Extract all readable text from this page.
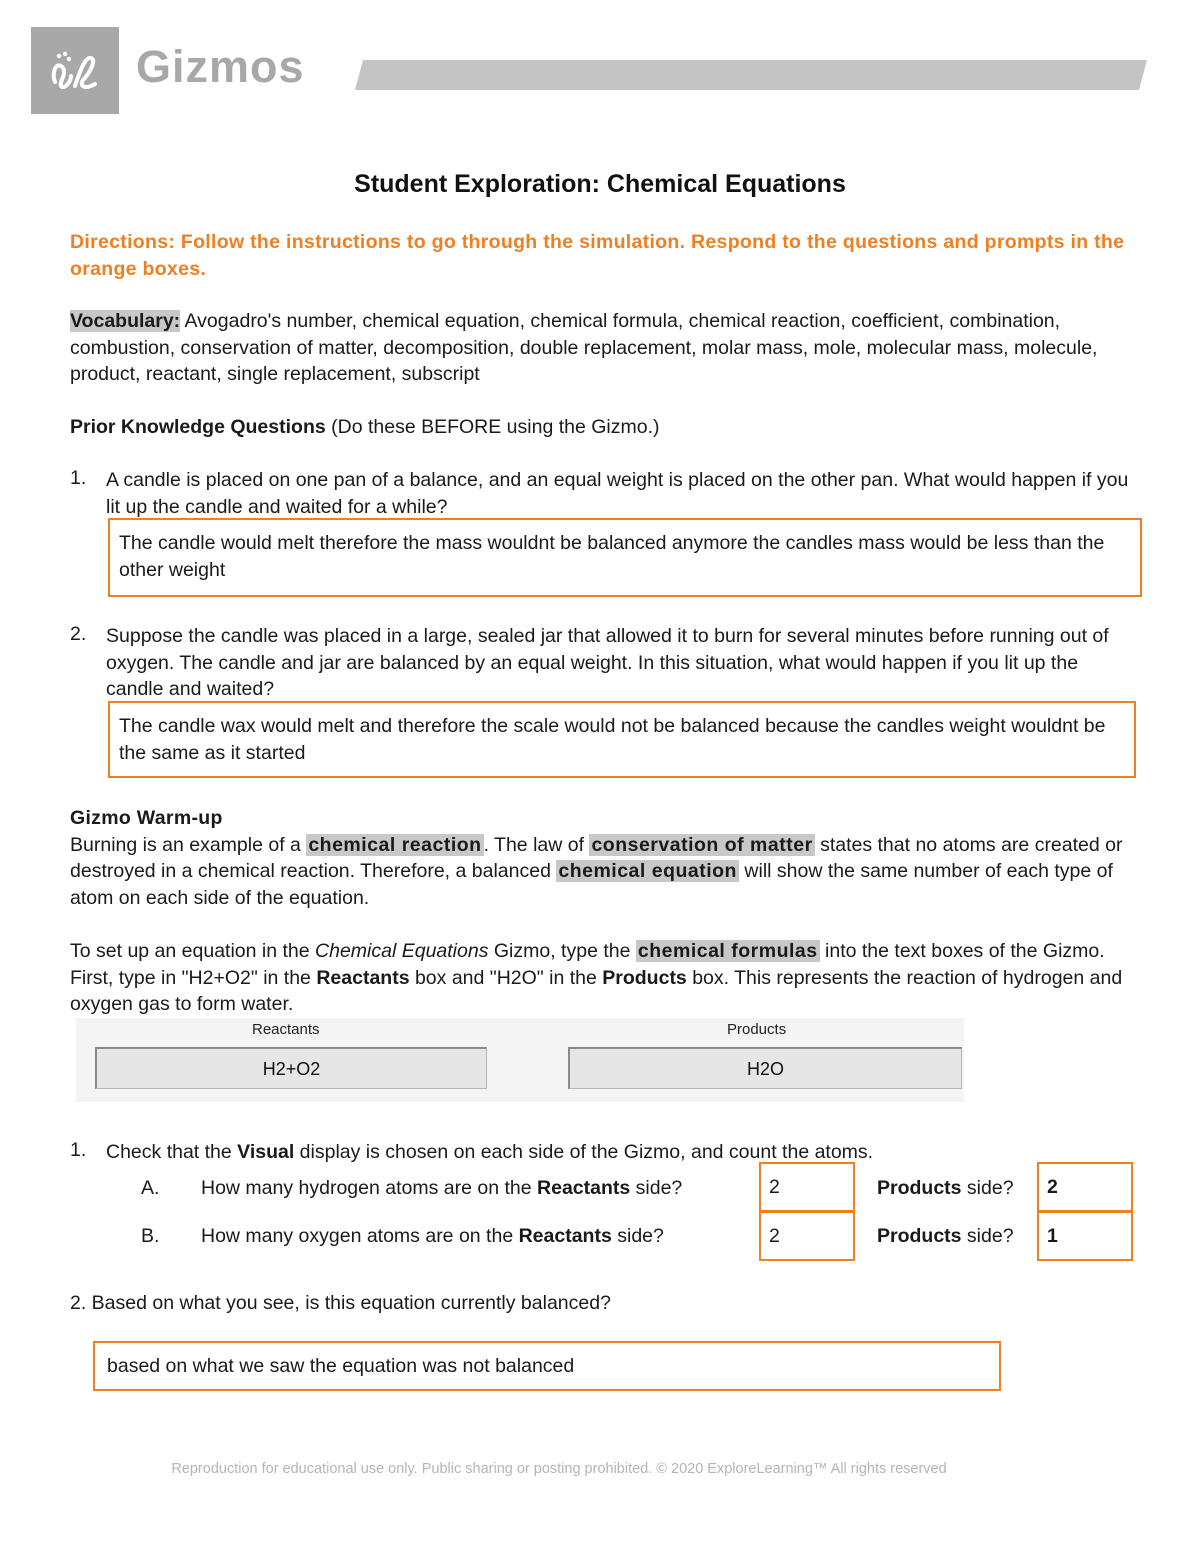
Gizmos
Student Exploration: Chemical Equations
Directions: Follow the instructions to go through the simulation. Respond to the questions and prompts in the orange boxes.
Vocabulary: Avogadro's number, chemical equation, chemical formula, chemical reaction, coefficient, combination, combustion, conservation of matter, decomposition, double replacement, molar mass, mole, molecular mass, molecule, product, reactant, single replacement, subscript
Prior Knowledge Questions (Do these BEFORE using the Gizmo.)
1. A candle is placed on one pan of a balance, and an equal weight is placed on the other pan. What would happen if you lit up the candle and waited for a while?
The candle would melt therefore the mass wouldnt be balanced anymore the candles mass would be less than the other weight
2. Suppose the candle was placed in a large, sealed jar that allowed it to burn for several minutes before running out of oxygen. The candle and jar are balanced by an equal weight. In this situation, what would happen if you lit up the candle and waited?
The candle wax would melt and therefore the scale would not be balanced because the candles weight wouldnt be the same as it started
Gizmo Warm-up
Burning is an example of a chemical reaction . The law of conservation of matter states that no atoms are created or destroyed in a chemical reaction. Therefore, a balanced chemical equation will show the same number of each type of atom on each side of the equation.
To set up an equation in the Chemical Equations Gizmo, type the chemical formulas into the text boxes of the Gizmo. First, type in "H2+O2" in the Reactants box and "H2O" in the Products box. This represents the reaction of hydrogen and oxygen gas to form water.
Reactants	Products
H2+O2	H2O
1. Check that the Visual display is chosen on each side of the Gizmo, and count the atoms.
A. How many hydrogen atoms are on the Reactants side?	2	Products side?	2
B. How many oxygen atoms are on the Reactants side?	2	Products side?	1
2. Based on what you see, is this equation currently balanced?
based on what we saw the equation was not balanced
Reproduction for educational use only. Public sharing or posting prohibited. © 2020 ExploreLearning™ All rights reserved
